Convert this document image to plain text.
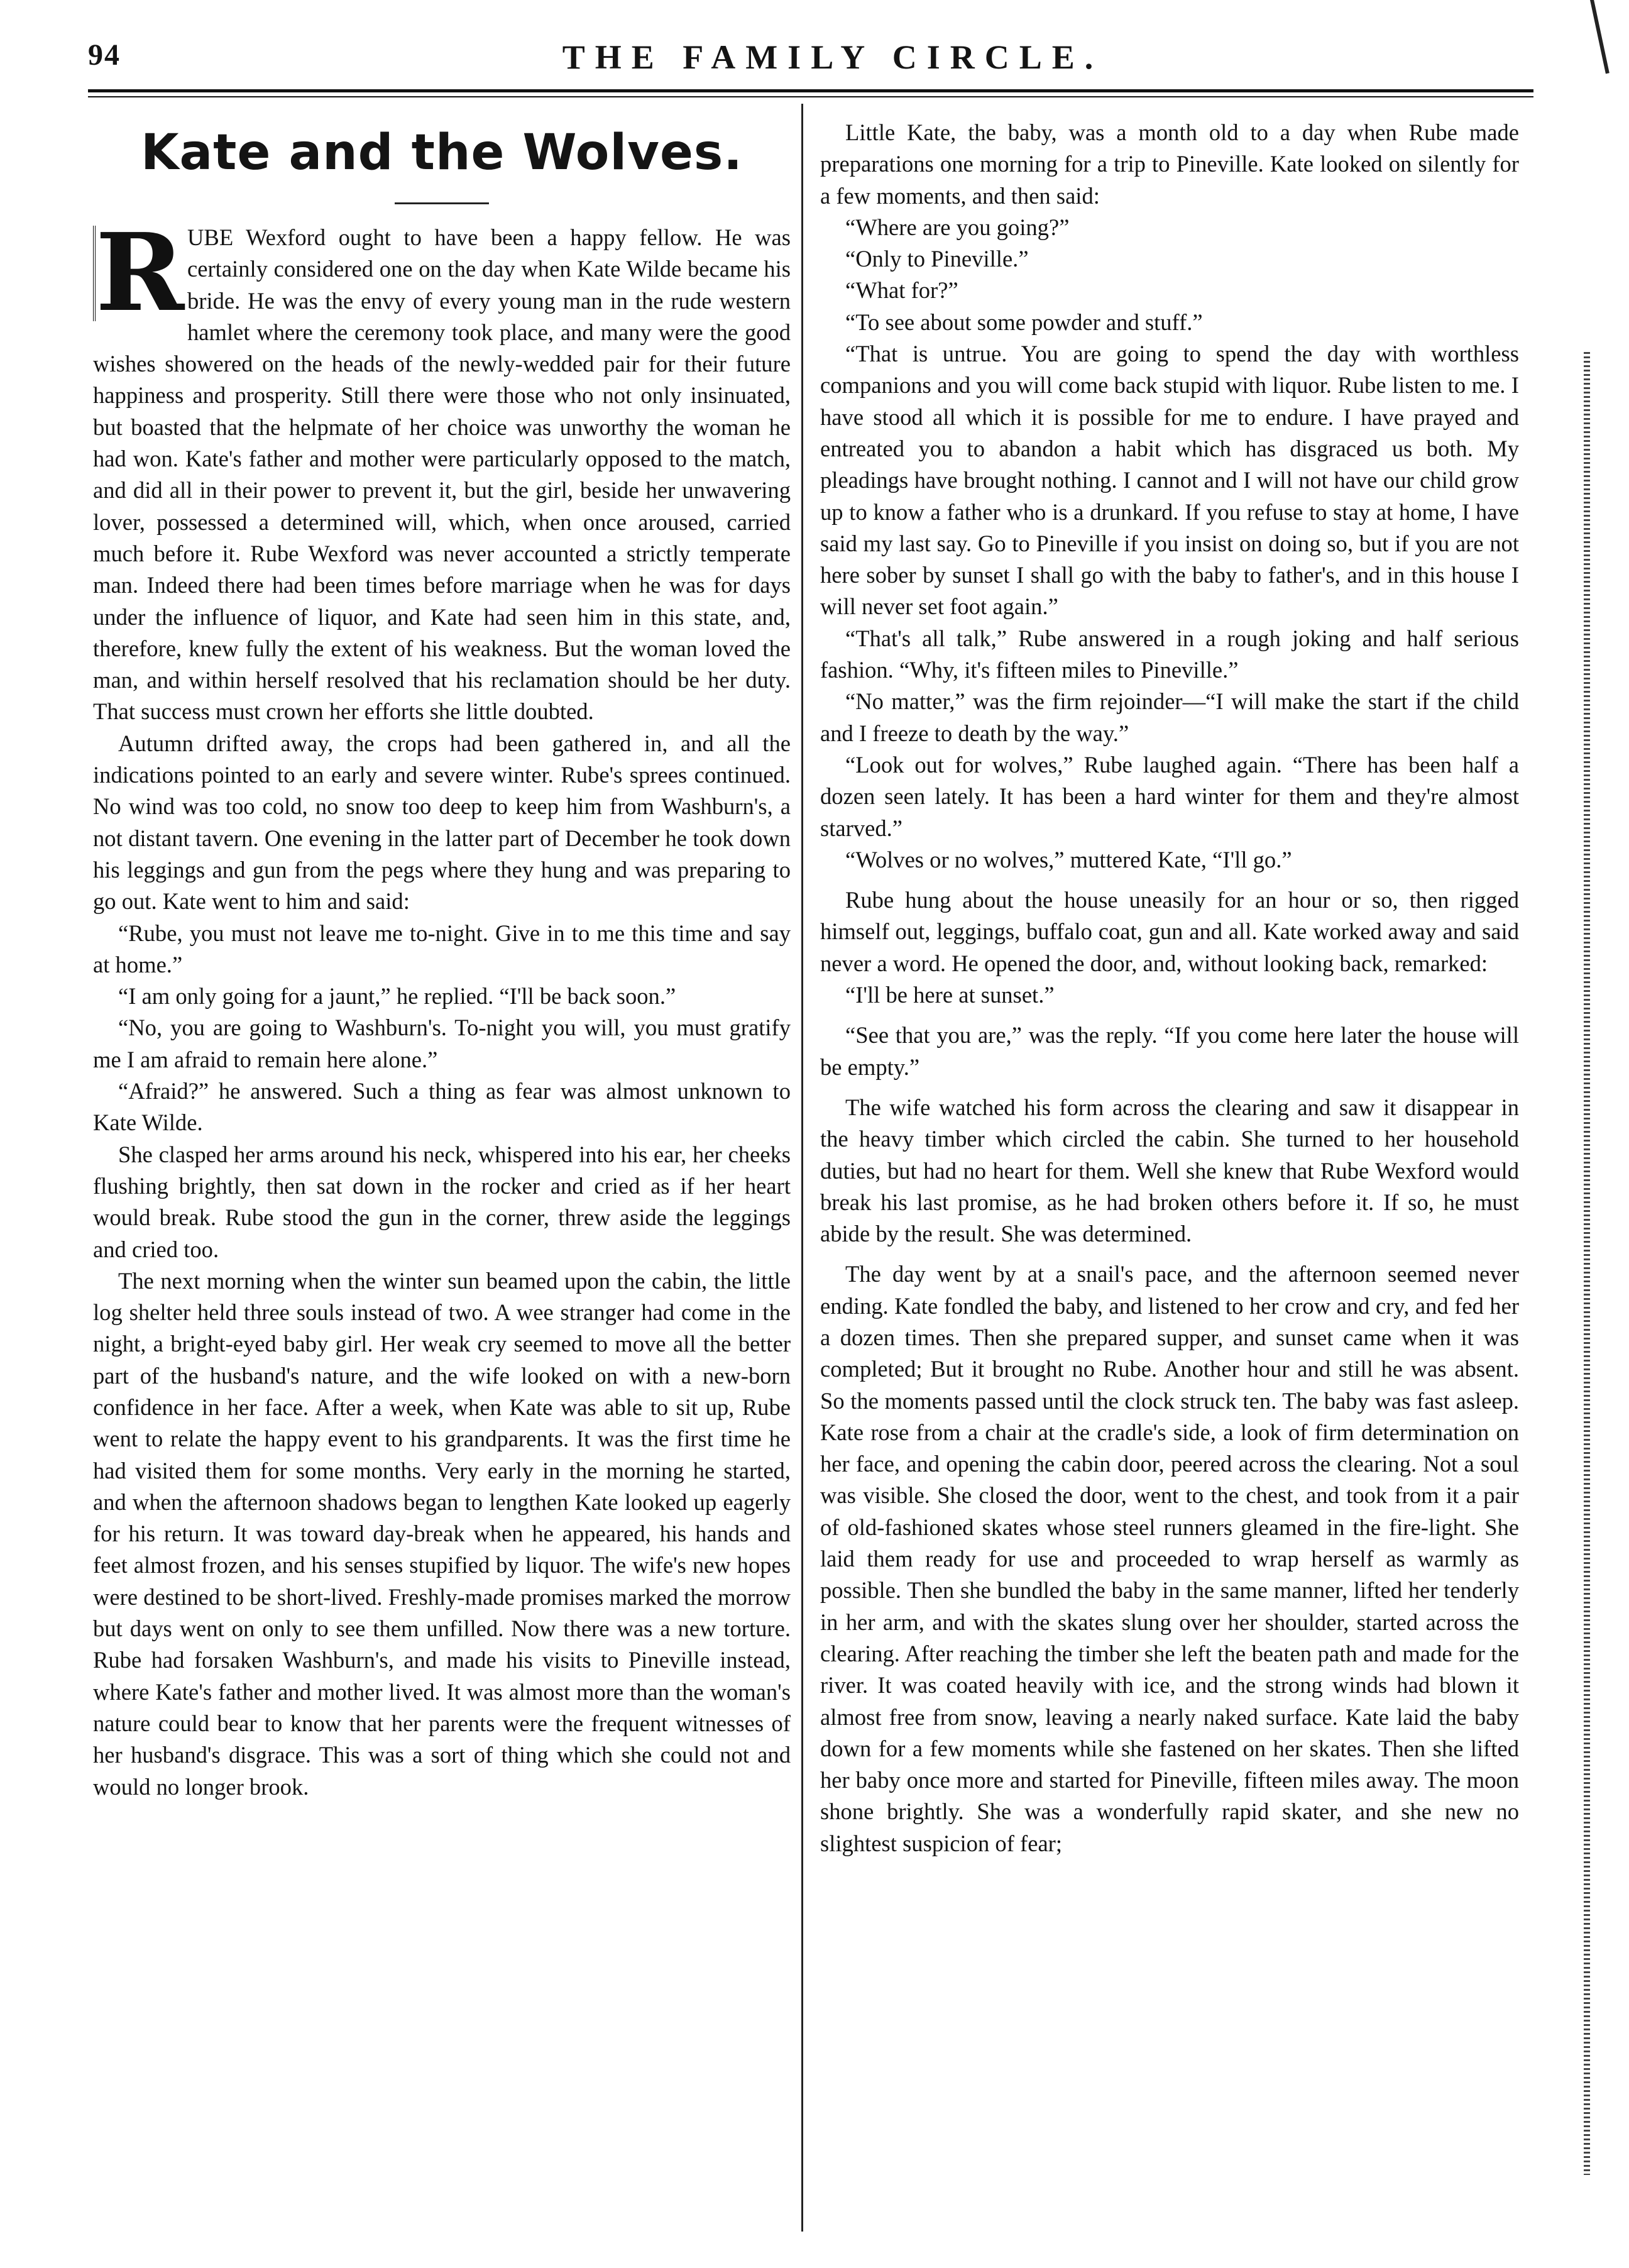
94	THE FAMILY CIRCLE.
Kate and the Wolves.

R UBE Wexford ought to have been a happy fellow. He was certainly considered one on the day when Kate Wilde became his bride. He was the envy of every young man in the rude western hamlet where the ceremony took place, and many were the good wishes showered on the heads of the newly-wedded pair for their future happiness and prosperity. Still there were those who not only insinuated, but boasted that the helpmate of her choice was unworthy the woman he had won. Kate's father and mother were particularly opposed to the match, and did all in their power to prevent it, but the girl, beside her unwavering lover, possessed a determined will, which, when once aroused, carried much before it. Rube Wexford was never accounted a strictly temperate man. Indeed there had been times before marriage when he was for days under the influence of liquor, and Kate had seen him in this state, and, therefore, knew fully the extent of his weakness. But the woman loved the man, and within herself resolved that his reclamation should be her duty. That success must crown her efforts she little doubted.

Autumn drifted away, the crops had been gathered in, and all the indications pointed to an early and severe winter. Rube's sprees continued. No wind was too cold, no snow too deep to keep him from Washburn's, a not distant tavern. One evening in the latter part of December he took down his leggings and gun from the pegs where they hung and was preparing to go out. Kate went to him and said:

“Rube, you must not leave me to-night. Give in to me this time and say at home.”

“I am only going for a jaunt,” he replied. “I'll be back soon.”

“No, you are going to Washburn's. To-night you will, you must gratify me I am afraid to remain here alone.”

“Afraid?” he answered. Such a thing as fear was almost unknown to Kate Wilde.

She clasped her arms around his neck, whispered into his ear, her cheeks flushing brightly, then sat down in the rocker and cried as if her heart would break. Rube stood the gun in the corner, threw aside the leggings and cried too.

The next morning when the winter sun beamed upon the cabin, the little log shelter held three souls instead of two. A wee stranger had come in the night, a bright-eyed baby girl. Her weak cry seemed to move all the better part of the husband's nature, and the wife looked on with a new-born confidence in her face. After a week, when Kate was able to sit up, Rube went to relate the happy event to his grandparents. It was the first time he had visited them for some months. Very early in the morning he started, and when the afternoon shadows began to lengthen Kate looked up eagerly for his return. It was toward day-break when he appeared, his hands and feet almost frozen, and his senses stupified by liquor. The wife's new hopes were destined to be short-lived. Freshly-made promises marked the morrow but days went on only to see them unfilled. Now there was a new torture. Rube had forsaken Washburn's, and made his visits to Pineville instead, where Kate's father and mother lived. It was almost more than the woman's nature could bear to know that her parents were the frequent witnesses of her husband's disgrace. This was a sort of thing which she could not and would no longer brook.

Little Kate, the baby, was a month old to a day when Rube made preparations one morning for a trip to Pineville. Kate looked on silently for a few moments, and then said:

“Where are you going?”

“Only to Pineville.”

“What for?”

“To see about some powder and stuff.”

“That is untrue. You are going to spend the day with worthless companions and you will come back stupid with liquor. Rube listen to me. I have stood all which it is possible for me to endure. I have prayed and entreated you to abandon a habit which has disgraced us both. My pleadings have brought nothing. I cannot and I will not have our child grow up to know a father who is a drunkard. If you refuse to stay at home, I have said my last say. Go to Pineville if you insist on doing so, but if you are not here sober by sunset I shall go with the baby to father's, and in this house I will never set foot again.”

“That's all talk,” Rube answered in a rough joking and half serious fashion. “Why, it's fifteen miles to Pineville.”

“No matter,” was the firm rejoinder—“I will make the start if the child and I freeze to death by the way.”

“Look out for wolves,” Rube laughed again. “There has been half a dozen seen lately. It has been a hard winter for them and they're almost starved.”

“Wolves or no wolves,” muttered Kate, “I'll go.”

Rube hung about the house uneasily for an hour or so, then rigged himself out, leggings, buffalo coat, gun and all. Kate worked away and said never a word. He opened the door, and, without looking back, remarked:

“I'll be here at sunset.”

“See that you are,” was the reply. “If you come here later the house will be empty.”

The wife watched his form across the clearing and saw it disappear in the heavy timber which circled the cabin. She turned to her household duties, but had no heart for them. Well she knew that Rube Wexford would break his last promise, as he had broken others before it. If so, he must abide by the result. She was determined.

The day went by at a snail's pace, and the afternoon seemed never ending. Kate fondled the baby, and listened to her crow and cry, and fed her a dozen times. Then she prepared supper, and sunset came when it was completed; But it brought no Rube. Another hour and still he was absent. So the moments passed until the clock struck ten. The baby was fast asleep. Kate rose from a chair at the cradle's side, a look of firm determination on her face, and opening the cabin door, peered across the clearing. Not a soul was visible. She closed the door, went to the chest, and took from it a pair of old-fashioned skates whose steel runners gleamed in the fire-light. She laid them ready for use and proceeded to wrap herself as warmly as possible. Then she bundled the baby in the same manner, lifted her tenderly in her arm, and with the skates slung over her shoulder, started across the clearing. After reaching the timber she left the beaten path and made for the river. It was coated heavily with ice, and the strong winds had blown it almost free from snow, leaving a nearly naked surface. Kate laid the baby down for a few moments while she fastened on her skates. Then she lifted her baby once more and started for Pineville, fifteen miles away. The moon shone brightly. She was a wonderfully rapid skater, and she new no slightest suspicion of fear;
